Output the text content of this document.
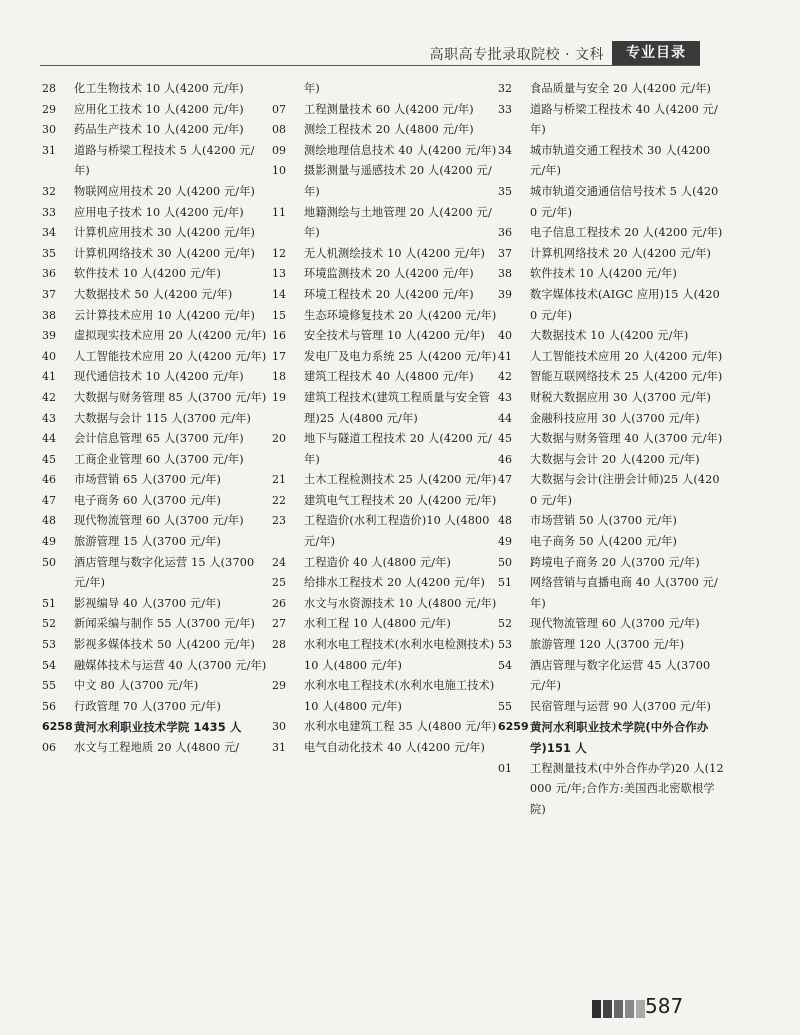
高职高专批录取院校 · 文科	专业目录
28	化工生物技术 10 人(4200 元/年)
29	应用化工技术 10 人(4200 元/年)
30	药品生产技术 10 人(4200 元/年)
31	道路与桥梁工程技术 5 人(4200 元/年)
32	物联网应用技术 20 人(4200 元/年)
33	应用电子技术 10 人(4200 元/年)
34	计算机应用技术 30 人(4200 元/年)
35	计算机网络技术 30 人(4200 元/年)
36	软件技术 10 人(4200 元/年)
37	大数据技术 50 人(4200 元/年)
38	云计算技术应用 10 人(4200 元/年)
39	虚拟现实技术应用 20 人(4200 元/年)
40	人工智能技术应用 20 人(4200 元/年)
41	现代通信技术 10 人(4200 元/年)
42	大数据与财务管理 85 人(3700 元/年)
43	大数据与会计 115 人(3700 元/年)
44	会计信息管理 65 人(3700 元/年)
45	工商企业管理 60 人(3700 元/年)
46	市场营销 65 人(3700 元/年)
47	电子商务 60 人(3700 元/年)
48	现代物流管理 60 人(3700 元/年)
49	旅游管理 15 人(3700 元/年)
50	酒店管理与数字化运营 15 人(3700 元/年)
51	影视编导 40 人(3700 元/年)
52	新闻采编与制作 55 人(3700 元/年)
53	影视多媒体技术 50 人(4200 元/年)
54	融媒体技术与运营 40 人(3700 元/年)
55	中文 80 人(3700 元/年)
56	行政管理 70 人(3700 元/年)
6258 黄河水利职业技术学院 1435 人
06	水文与工程地质 20 人(4800 元/
年)
07	工程测量技术 60 人(4200 元/年)
08	测绘工程技术 20 人(4800 元/年)
09	测绘地理信息技术 40 人(4200 元/年)
10	摄影测量与遥感技术 20 人(4200 元/年)
11	地籍测绘与土地管理 20 人(4200 元/年)
12	无人机测绘技术 10 人(4200 元/年)
13	环境监测技术 20 人(4200 元/年)
14	环境工程技术 20 人(4200 元/年)
15	生态环境修复技术 20 人(4200 元/年)
16	安全技术与管理 10 人(4200 元/年)
17	发电厂及电力系统 25 人(4200 元/年)
18	建筑工程技术 40 人(4800 元/年)
19	建筑工程技术(建筑工程质量与安全管理)25 人(4800 元/年)
20	地下与隧道工程技术 20 人(4200 元/年)
21	土木工程检测技术 25 人(4200 元/年)
22	建筑电气工程技术 20 人(4200 元/年)
23	工程造价(水利工程造价)10 人(4800 元/年)
24	工程造价 40 人(4800 元/年)
25	给排水工程技术 20 人(4200 元/年)
26	水文与水资源技术 10 人(4800 元/年)
27	水利工程 10 人(4800 元/年)
28	水利水电工程技术(水利水电检测技术)10 人(4800 元/年)
29	水利水电工程技术(水利水电施工技术)10 人(4800 元/年)
30	水利水电建筑工程 35 人(4800 元/年)
31	电气自动化技术 40 人(4200 元/年)
32	食品质量与安全 20 人(4200 元/年)
33	道路与桥梁工程技术 40 人(4200 元/年)
34	城市轨道交通工程技术 30 人(4200 元/年)
35	城市轨道交通通信信号技术 5 人(4200 元/年)
36	电子信息工程技术 20 人(4200 元/年)
37	计算机网络技术 20 人(4200 元/年)
38	软件技术 10 人(4200 元/年)
39	数字媒体技术(AIGC 应用)15 人(4200 元/年)
40	大数据技术 10 人(4200 元/年)
41	人工智能技术应用 20 人(4200 元/年)
42	智能互联网络技术 25 人(4200 元/年)
43	财税大数据应用 30 人(3700 元/年)
44	金融科技应用 30 人(3700 元/年)
45	大数据与财务管理 40 人(3700 元/年)
46	大数据与会计 20 人(4200 元/年)
47	大数据与会计(注册会计师)25 人(4200 元/年)
48	市场营销 50 人(3700 元/年)
49	电子商务 50 人(4200 元/年)
50	跨境电子商务 20 人(3700 元/年)
51	网络营销与直播电商 40 人(3700 元/年)
52	现代物流管理 60 人(3700 元/年)
53	旅游管理 120 人(3700 元/年)
54	酒店管理与数字化运营 45 人(3700 元/年)
55	民宿管理与运营 90 人(3700 元/年)
6259 黄河水利职业技术学院(中外合作办学)151 人
01	工程测量技术(中外合作办学)20 人(12000 元/年;合作方:美国西北密歇根学院)
587
